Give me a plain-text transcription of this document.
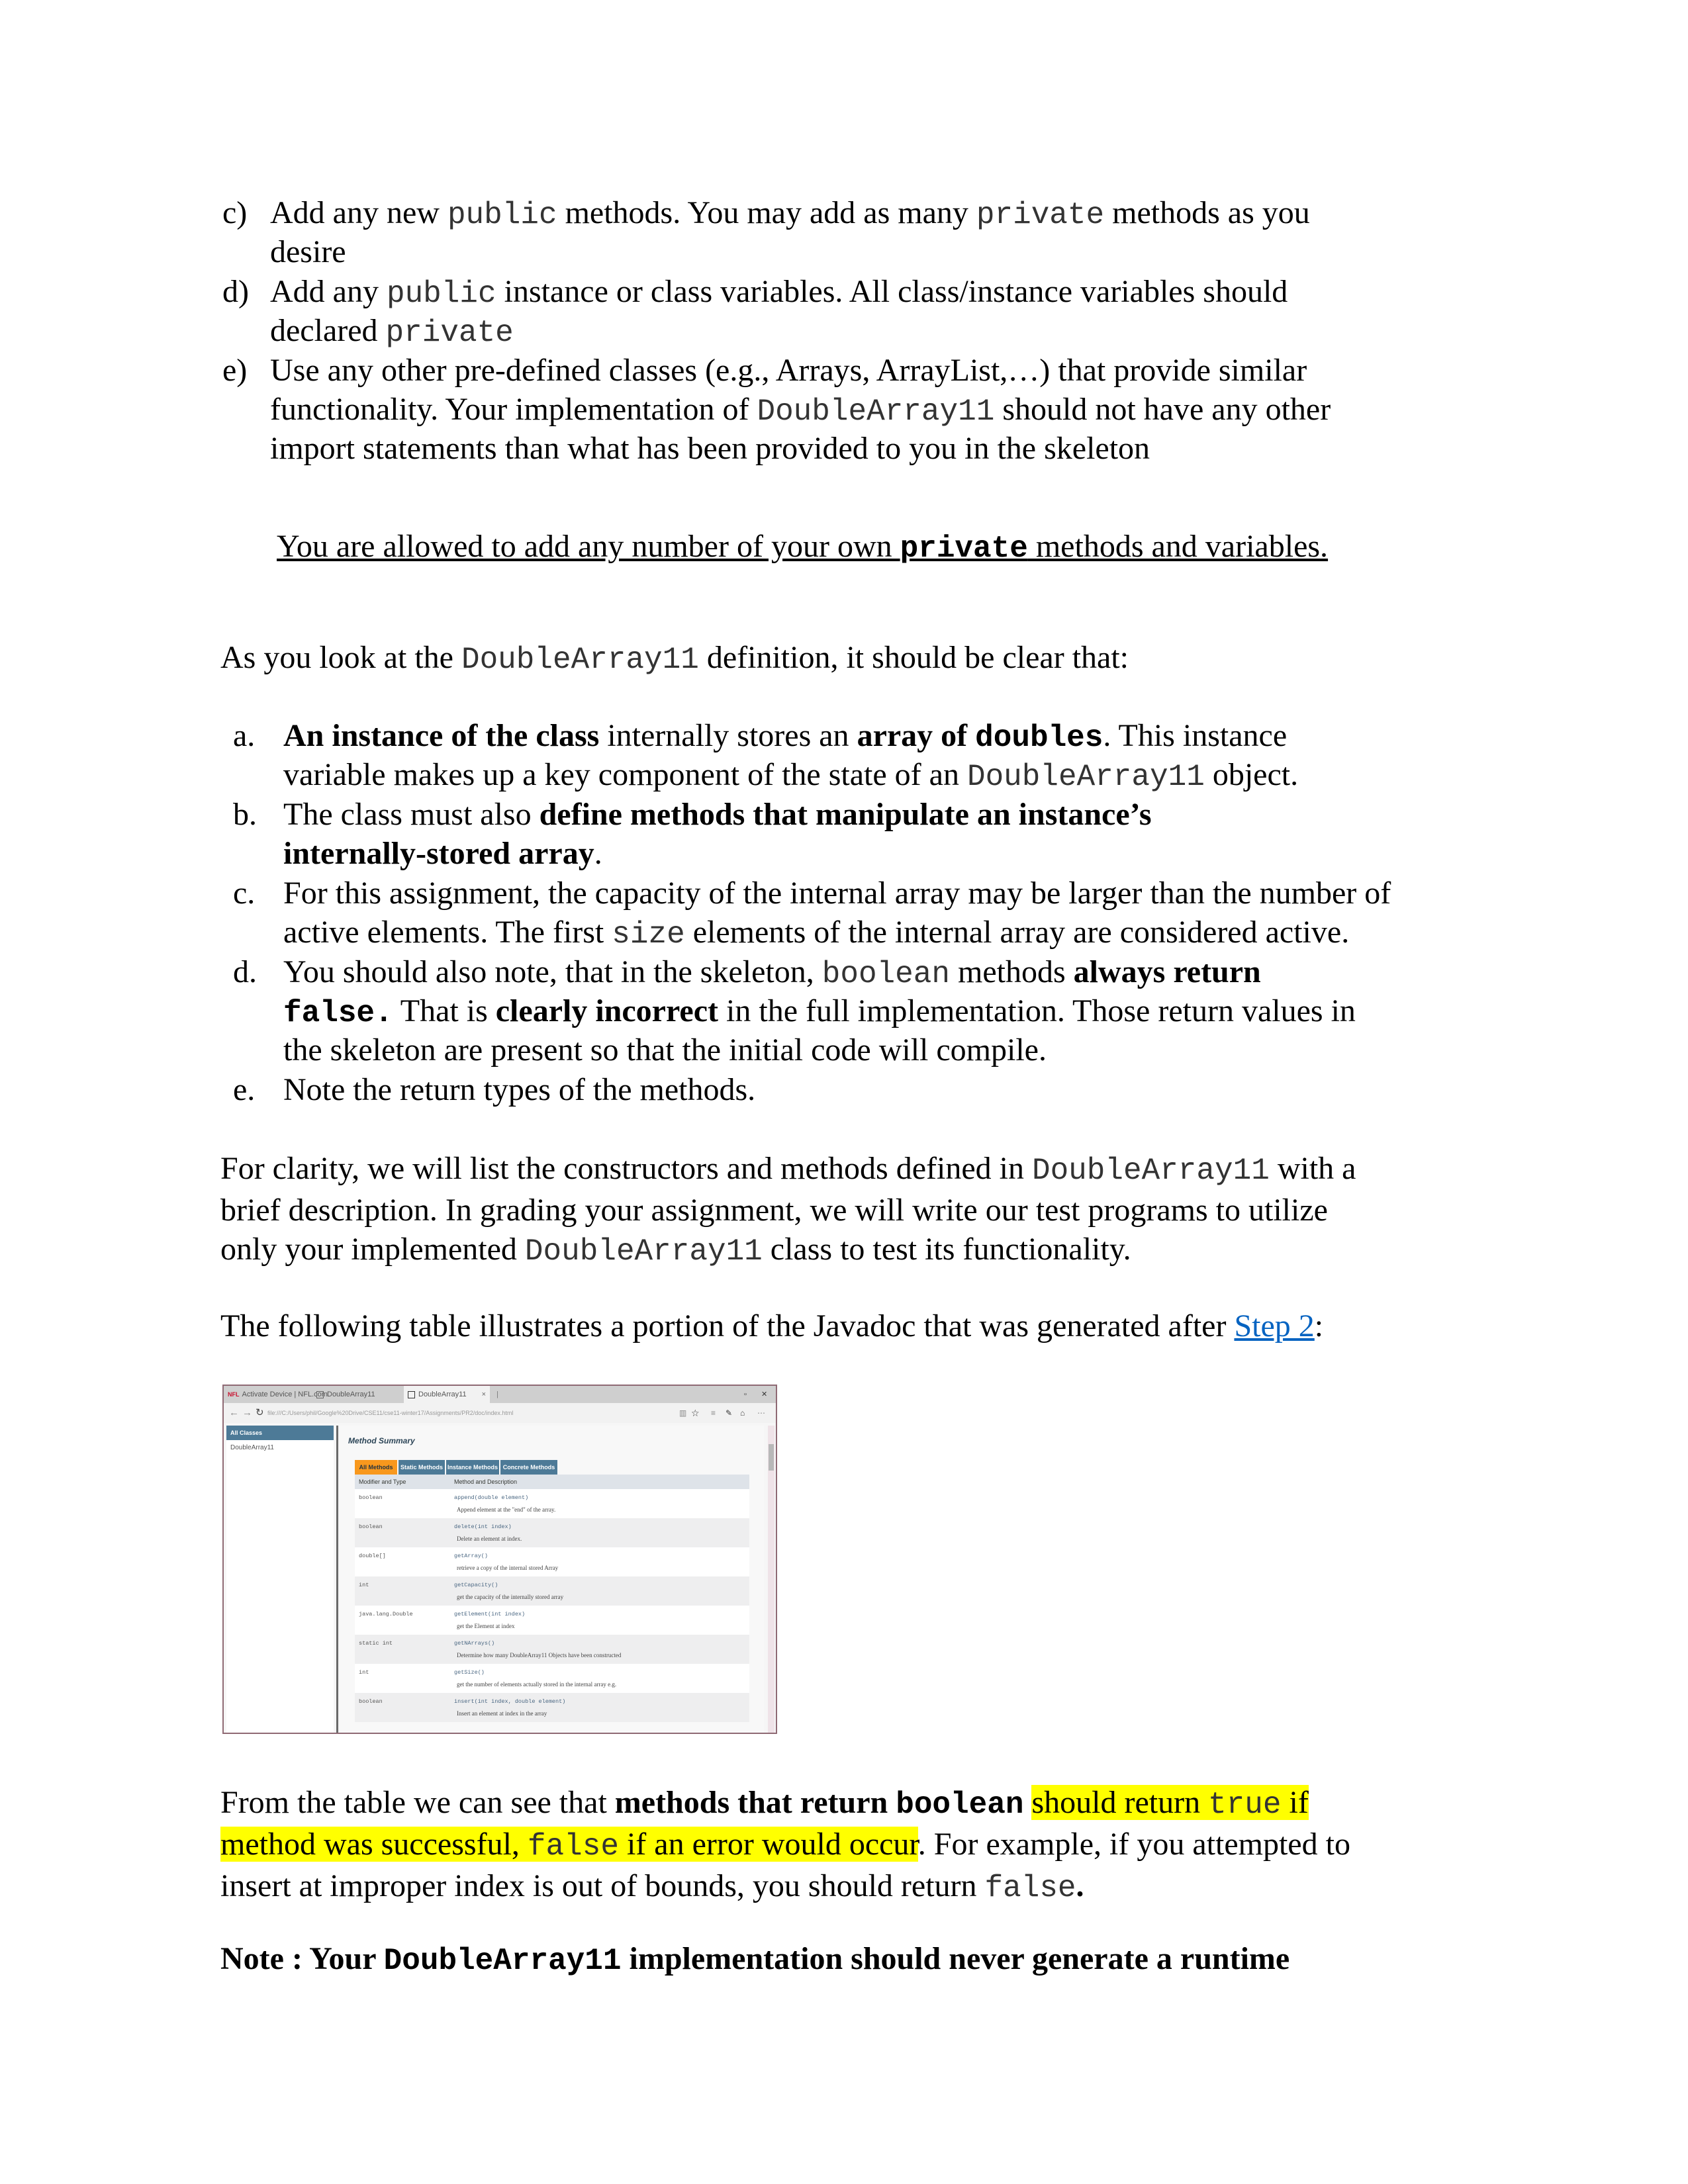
c) Add any new public methods. You may add as many private methods as you
desire
d) Add any public instance or class variables. All class/instance variables should
declared private
e) Use any other pre-defined classes (e.g., Arrays, ArrayList,…) that provide similar
functionality. Your implementation of DoubleArray11 should not have any other
import statements than what has been provided to you in the skeleton
You are allowed to add any number of your own private methods and variables.
As you look at the DoubleArray11 definition, it should be clear that:
a. An instance of the class internally stores an array of doubles. This instance
variable makes up a key component of the state of an DoubleArray11 object.
b. The class must also define methods that manipulate an instance’s
internally-stored array.
c. For this assignment, the capacity of the internal array may be larger than the number of
active elements. The first size elements of the internal array are considered active.
d. You should also note, that in the skeleton, boolean methods always return
false. That is clearly incorrect in the full implementation. Those return values in
the skeleton are present so that the initial code will compile.
e. Note the return types of the methods.
For clarity, we will list the constructors and methods defined in DoubleArray11 with a
brief description. In grading your assignment, we will write our test programs to utilize
only your implemented DoubleArray11 class to test its functionality.
The following table illustrates a portion of the Javadoc that was generated after Step 2:
NFL Activate Device | NFL.com DoubleArray11	DoubleArray11 × |	▫ ✕
← → ↻ file:///C:/Users/phil/Google%20Drive/CSE11/cse11-winter17/Assignments/PR2/doc/index.html	▥ ☆ ≡ ✎ ⌂ ⋯
All Classes
DoubleArray11
Method Summary
All Methods	Static Methods Instance Methods Concrete Methods
Modifier and Type	Method and Description
boolean	append(double element)
Append element at the "end" of the array.
boolean	delete(int index)
Delete an element at index.
double[]	getArray()
retrieve a copy of the internal stored Array
int	getCapacity()
get the capacity of the internally stored array
java.lang.Double	getElement(int index)
get the Element at index
static int	getNArrays()
Determine how many DoubleArray11 Objects have been constructed
int	getSize()
get the number of elements actually stored in the internal array e.g.
boolean	insert(int index, double element)
Insert an element at index in the array
From the table we can see that methods that return boolean should return true if
method was successful, false if an error would occur. For example, if you attempted to
insert at improper index is out of bounds, you should return false.
Note : Your DoubleArray11 implementation should never generate a runtime
